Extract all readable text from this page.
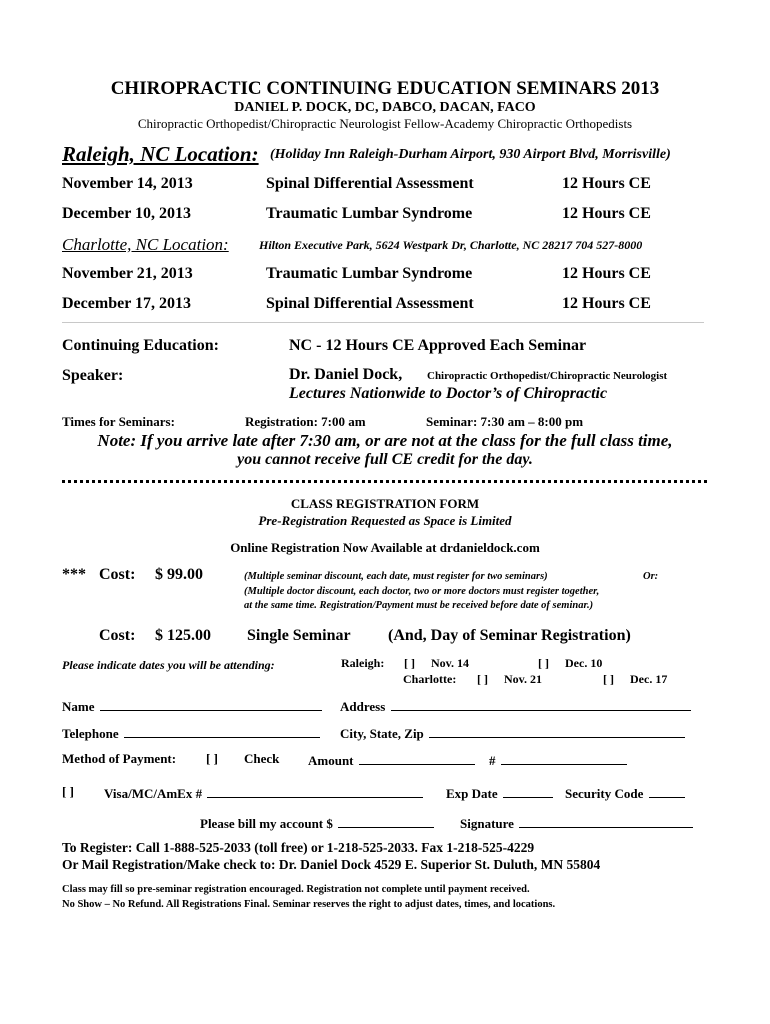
CHIROPRACTIC CONTINUING EDUCATION SEMINARS 2013
DANIEL P. DOCK, DC, DABCO, DACAN, FACO
Chiropractic Orthopedist/Chiropractic Neurologist Fellow-Academy Chiropractic Orthopedists
Raleigh, NC Location: (Holiday Inn Raleigh-Durham Airport, 930 Airport Blvd, Morrisville)
November 14, 2013	Spinal Differential Assessment	12 Hours CE
December 10, 2013	Traumatic Lumbar Syndrome	12 Hours CE
Charlotte, NC Location:	Hilton Executive Park, 5624 Westpark Dr, Charlotte, NC 28217 704 527-8000
November 21, 2013	Traumatic Lumbar Syndrome	12 Hours CE
December 17, 2013	Spinal Differential Assessment	12 Hours CE
Continuing Education:	NC - 12 Hours CE Approved Each Seminar
Speaker:	Dr. Daniel Dock, Chiropractic Orthopedist/Chiropractic Neurologist
Lectures Nationwide to Doctor’s of Chiropractic
Times for Seminars:	Registration: 7:00 am	Seminar: 7:30 am – 8:00 pm
Note: If you arrive late after 7:30 am, or are not at the class for the full class time,
you cannot receive full CE credit for the day.
CLASS REGISTRATION FORM
Pre-Registration Requested as Space is Limited
Online Registration Now Available at drdanieldock.com
*** Cost: $ 99.00	(Multiple seminar discount, each date, must register for two seminars)	Or:
(Multiple doctor discount, each doctor, two or more doctors must register together,
at the same time. Registration/Payment must be received before date of seminar.)
Cost: $ 125.00 Single Seminar (And, Day of Seminar Registration)
Please indicate dates you will be attending:	Raleigh: [ ] Nov. 14	[ ] Dec. 10
Charlotte: [ ] Nov. 21	[ ] Dec. 17
Name	Address
Telephone	City, State, Zip
Method of Payment: [ ] Check Amount	#
[ ] Visa/MC/AmEx #	Exp Date	Security Code
Please bill my account $	Signature
To Register: Call 1-888-525-2033 (toll free) or 1-218-525-2033. Fax 1-218-525-4229
Or Mail Registration/Make check to: Dr. Daniel Dock 4529 E. Superior St. Duluth, MN 55804
Class may fill so pre-seminar registration encouraged. Registration not complete until payment received.
No Show – No Refund. All Registrations Final. Seminar reserves the right to adjust dates, times, and locations.
